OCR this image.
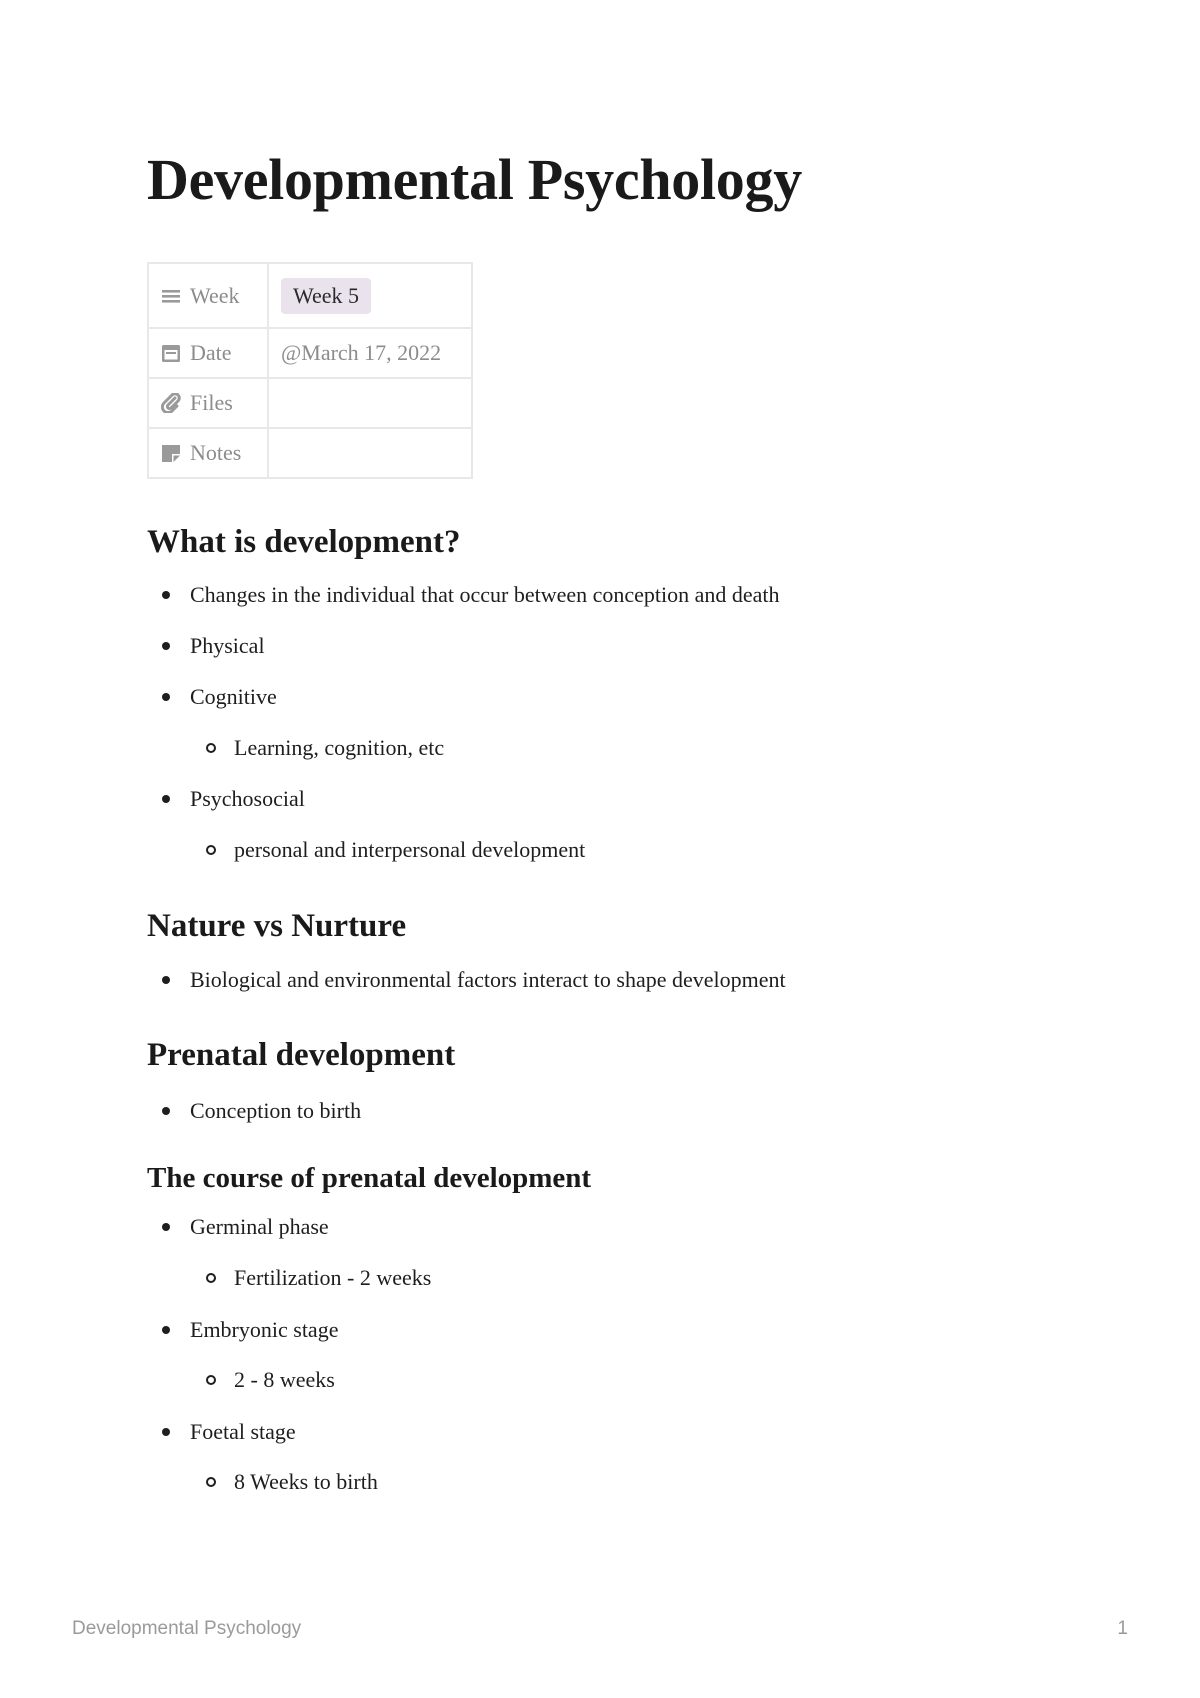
Developmental Psychology
Week	Week 5

Date	@March 17, 2022

Files	

Notes	

What is development?
Changes in the individual that occur between conception and death
Physical
Cognitive
Learning, cognition, etc
Psychosocial
personal and interpersonal development
Nature vs Nurture
Biological and environmental factors interact to shape development
Prenatal development
Conception to birth
The course of prenatal development
Germinal phase
Fertilization - 2 weeks
Embryonic stage
2 - 8 weeks
Foetal stage
8 Weeks to birth
Developmental Psychology	1
